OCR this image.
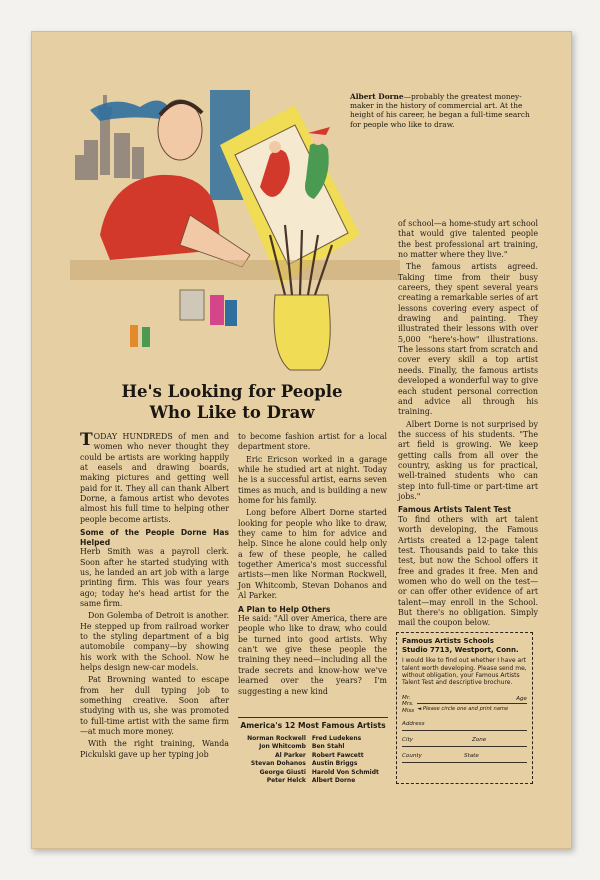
Albert Dorne—probably the greatest money-maker in the history of commercial art. At the height of his career, he began a full-time search for people who like to draw.
He's Looking for People
Who Like to Draw

TODAY HUNDREDS of men and women who never thought they could be artists are working happily at easels and drawing boards, making pictures and getting well paid for it. They all can thank Albert Dorne, a famous artist who devotes almost his full time to helping other people become artists.

Some of the People Dorne Has Helped

Herb Smith was a payroll clerk. Soon after he started studying with us, he landed an art job with a large printing firm. This was four years ago; today he's head artist for the same firm.

Don Golemba of Detroit is another. He stepped up from railroad worker to the styling department of a big automobile company—by showing his work with the School. Now he helps design new-car models.

Pat Browning wanted to escape from her dull typing job to something creative. Soon after studying with us, she was promoted to full-time artist with the same firm—at much more money.

With the right training, Wanda Pickulski gave up her typing job

to become fashion artist for a local department store.

Eric Ericson worked in a garage while he studied art at night. Today he is a successful artist, earns seven times as much, and is building a new home for his family.

Long before Albert Dorne started looking for people who like to draw, they came to him for advice and help. Since he alone could help only a few of these people, he called together America's most successful artists—men like Norman Rockwell, Jon Whitcomb, Stevan Dohanos and Al Parker.

A Plan to Help Others

He said: "All over America, there are people who like to draw, who could be turned into good artists. Why can't we give these people the training they need—including all the trade secrets and know-how we've learned over the years? I'm suggesting a new kind

America's 12 Most Famous Artists
Norman Rockwell	Fred Ludekens
Jon Whitcomb	Ben Stahl
Al Parker	Robert Fawcett
Stevan Dohanos	Austin Briggs
George Giusti	Harold Von Schmidt
Peter Helck	Albert Dorne

of school—a home-study art school that would give talented people the best professional art training, no matter where they live."

The famous artists agreed. Taking time from their busy careers, they spent several years creating a remarkable series of art lessons covering every aspect of drawing and painting. They illustrated their lessons with over 5,000 "here's-how" illustrations. The lessons start from scratch and cover every skill a top artist needs. Finally, the famous artists developed a wonderful way to give each student personal correction and advice all through his training.

Albert Dorne is not surprised by the success of his students. "The art field is growing. We keep getting calls from all over the country, asking us for practical, well-trained students who can step into full-time or part-time art jobs."

Famous Artists Talent Test

To find others with art talent worth developing, the Famous Artists created a 12-page talent test. Thousands paid to take this test, but now the School offers it free and grades it free. Men and women who do well on the test—or can offer other evidence of art talent—may enroll in the School. But there's no obligation. Simply mail the coupon below.

Famous Artists Schools
Studio 7713, Westport, Conn.
I would like to find out whether I have art talent worth developing. Please send me, without obligation, your Famous Artists Talent Test and descriptive brochure.
Mr.
Mrs.
Miss
Age
◄ Please circle one and print name
Address
City	Zone
County	State
